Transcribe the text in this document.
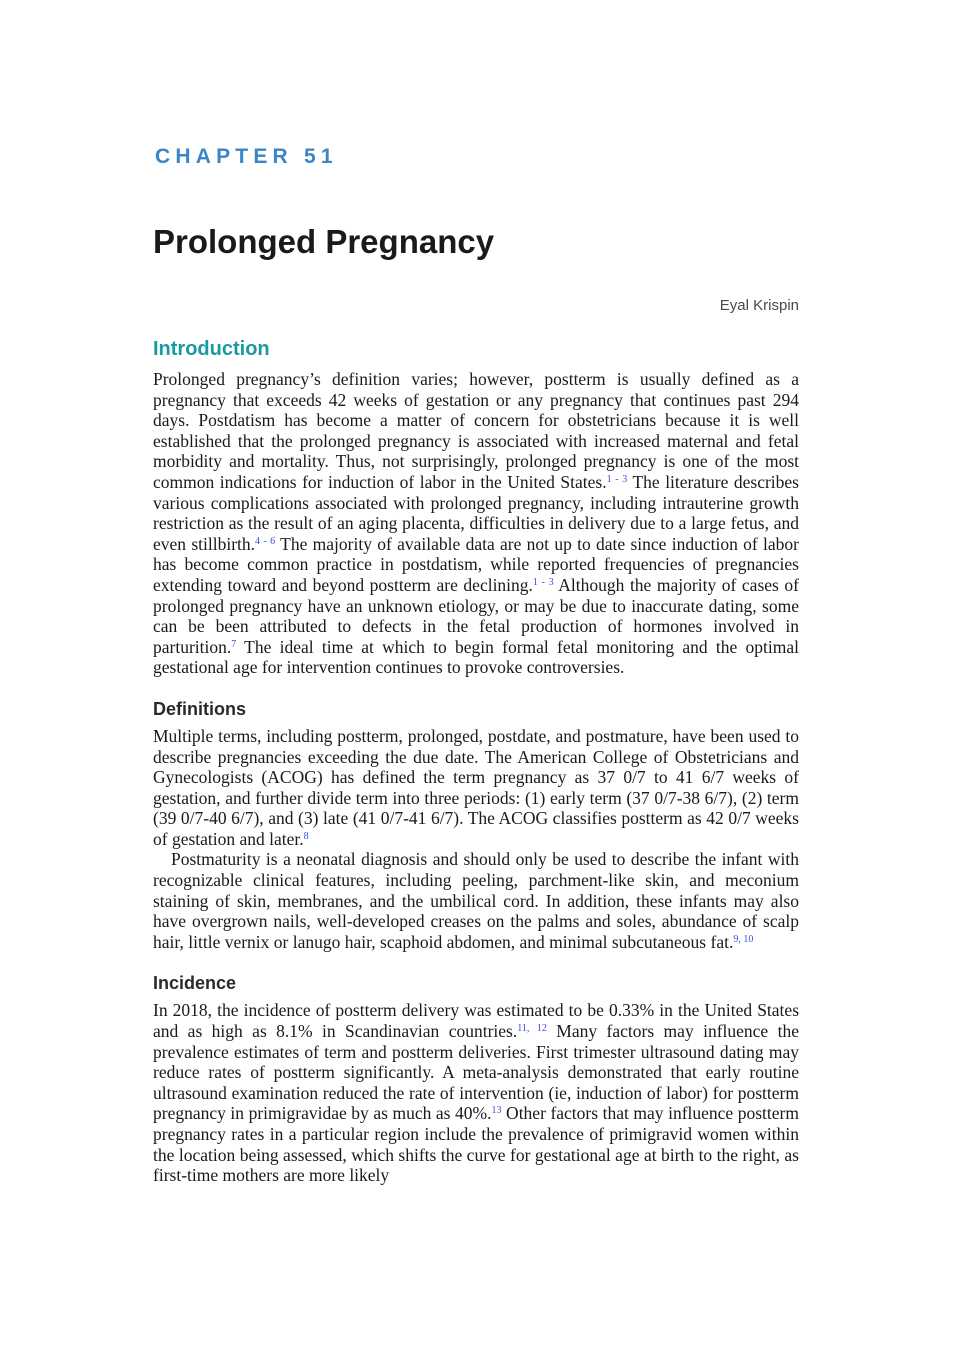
CHAPTER 51
Prolonged Pregnancy
Eyal Krispin
Introduction

Prolonged pregnancy’s definition varies; however, postterm is usually defined as a pregnancy that exceeds 42 weeks of gestation or any pregnancy that continues past 294 days. Postdatism has become a matter of concern for obstetricians because it is well established that the prolonged pregnancy is associated with increased maternal and fetal morbidity and mortality. Thus, not surprisingly, prolonged pregnancy is one of the most common indications for induction of labor in the United States.$^{1 - 3}$ The literature describes various complications associated with prolonged pregnancy, including intrauterine growth restriction as the result of an aging placenta, difficulties in delivery due to a large fetus, and even stillbirth.$^{4 - 6}$ The majority of available data are not up to date since induction of labor has become common practice in postdatism, while reported frequencies of pregnancies extending toward and beyond postterm are declining.$^{1 - 3}$ Although the majority of cases of prolonged pregnancy have an unknown etiology, or may be due to inaccurate dating, some can be been attributed to defects in the fetal production of hormones involved in parturition.$^7$ The ideal time at which to begin formal fetal monitoring and the optimal gestational age for intervention continues to provoke controversies.

Definitions

Multiple terms, including postterm, prolonged, postdate, and postmature, have been used to describe pregnancies exceeding the due date. The American College of Obstetricians and Gynecologists (ACOG) has defined the term pregnancy as 37 0/7 to 41 6/7 weeks of gestation, and further divide term into three periods: (1) early term (37 0/7-38 6/7), (2) term (39 0/7-40 6/7), and (3) late (41 0/7-41 6/7). The ACOG classifies postterm as 42 0/7 weeks of gestation and later.$^8$

Postmaturity is a neonatal diagnosis and should only be used to describe the infant with recognizable clinical features, including peeling, parchment-like skin, and meconium staining of skin, membranes, and the umbilical cord. In addition, these infants may also have overgrown nails, well-developed creases on the palms and soles, abundance of scalp hair, little vernix or lanugo hair, scaphoid abdomen, and minimal subcutaneous fat.$^{9, 10}$

Incidence

In 2018, the incidence of postterm delivery was estimated to be 0.33% in the United States and as high as 8.1% in Scandinavian countries.$^{11, 12}$ Many factors may influence the prevalence estimates of term and postterm deliveries. First trimester ultrasound dating may reduce rates of postterm significantly. A meta-analysis demonstrated that early routine ultrasound examination reduced the rate of intervention (ie, induction of labor) for postterm pregnancy in primigravidae by as much as 40%.$^{13}$ Other factors that may influence postterm pregnancy rates in a particular region include the prevalence of primigravid women within the location being assessed, which shifts the curve for gestational age at birth to the right, as first-time mothers are more likely
